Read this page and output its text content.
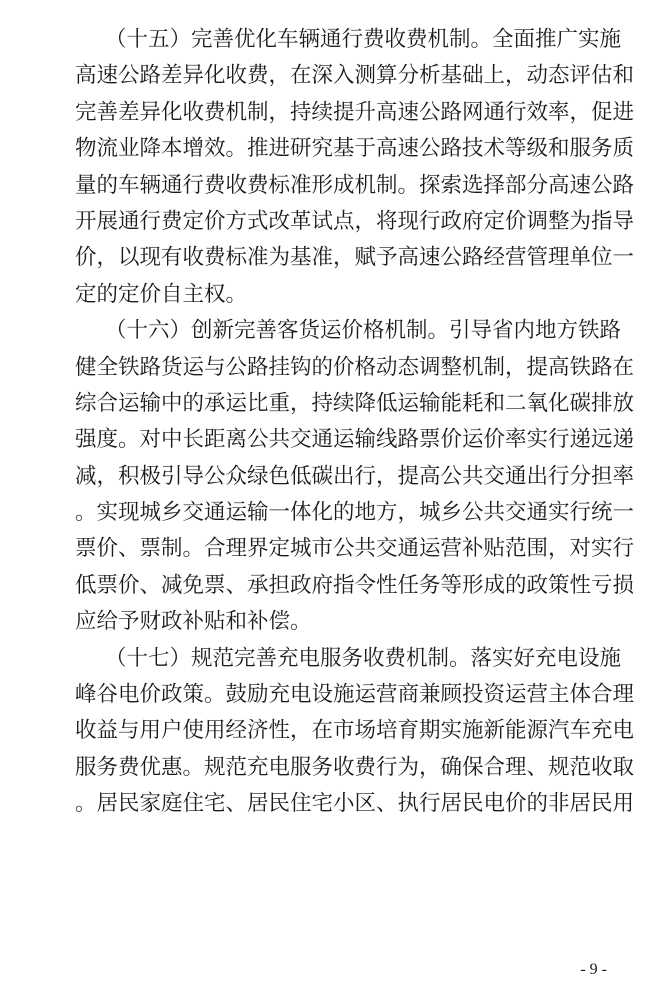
（十五）完善优化车辆通行费收费机制。全面推广实施
高速公路差异化收费，在深入测算分析基础上，动态评估和
完善差异化收费机制，持续提升高速公路网通行效率，促进
物流业降本增效。推进研究基于高速公路技术等级和服务质
量的车辆通行费收费标准形成机制。探索选择部分高速公路
开展通行费定价方式改革试点，将现行政府定价调整为指导
价，以现有收费标准为基准，赋予高速公路经营管理单位一
定的定价自主权。
（十六）创新完善客货运价格机制。引导省内地方铁路
健全铁路货运与公路挂钩的价格动态调整机制，提高铁路在
综合运输中的承运比重，持续降低运输能耗和二氧化碳排放
强度。对中长距离公共交通运输线路票价运价率实行递远递
减，积极引导公众绿色低碳出行，提高公共交通出行分担率
。实现城乡交通运输一体化的地方，城乡公共交通实行统一
票价、票制。合理界定城市公共交通运营补贴范围，对实行
低票价、减免票、承担政府指令性任务等形成的政策性亏损
应给予财政补贴和补偿。
（十七）规范完善充电服务收费机制。落实好充电设施
峰谷电价政策。鼓励充电设施运营商兼顾投资运营主体合理
收益与用户使用经济性，在市场培育期实施新能源汽车充电
服务费优惠。规范充电服务收费行为，确保合理、规范收取
。居民家庭住宅、居民住宅小区、执行居民电价的非居民用
- 9 -
